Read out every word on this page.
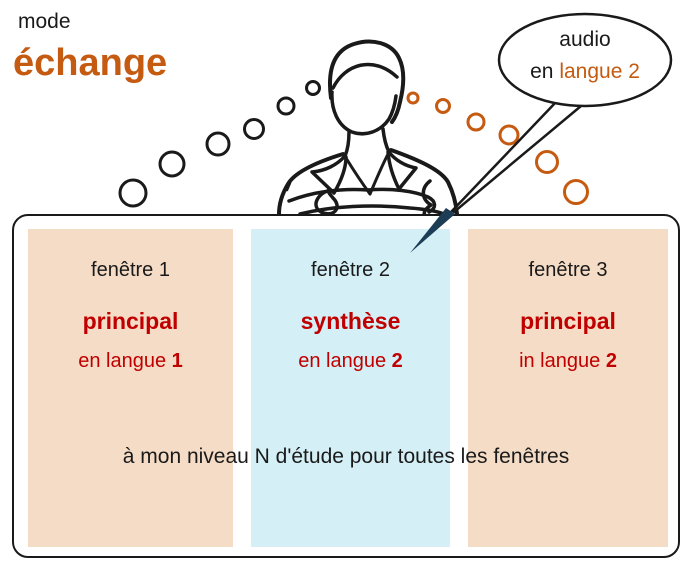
mode
échange

fenêtre 1

principal

en langue 1

fenêtre 2

synthèse

en langue 2

fenêtre 3

principal

in langue 2

à mon niveau N d'étude pour toutes les fenêtres
audio
en langue 2
